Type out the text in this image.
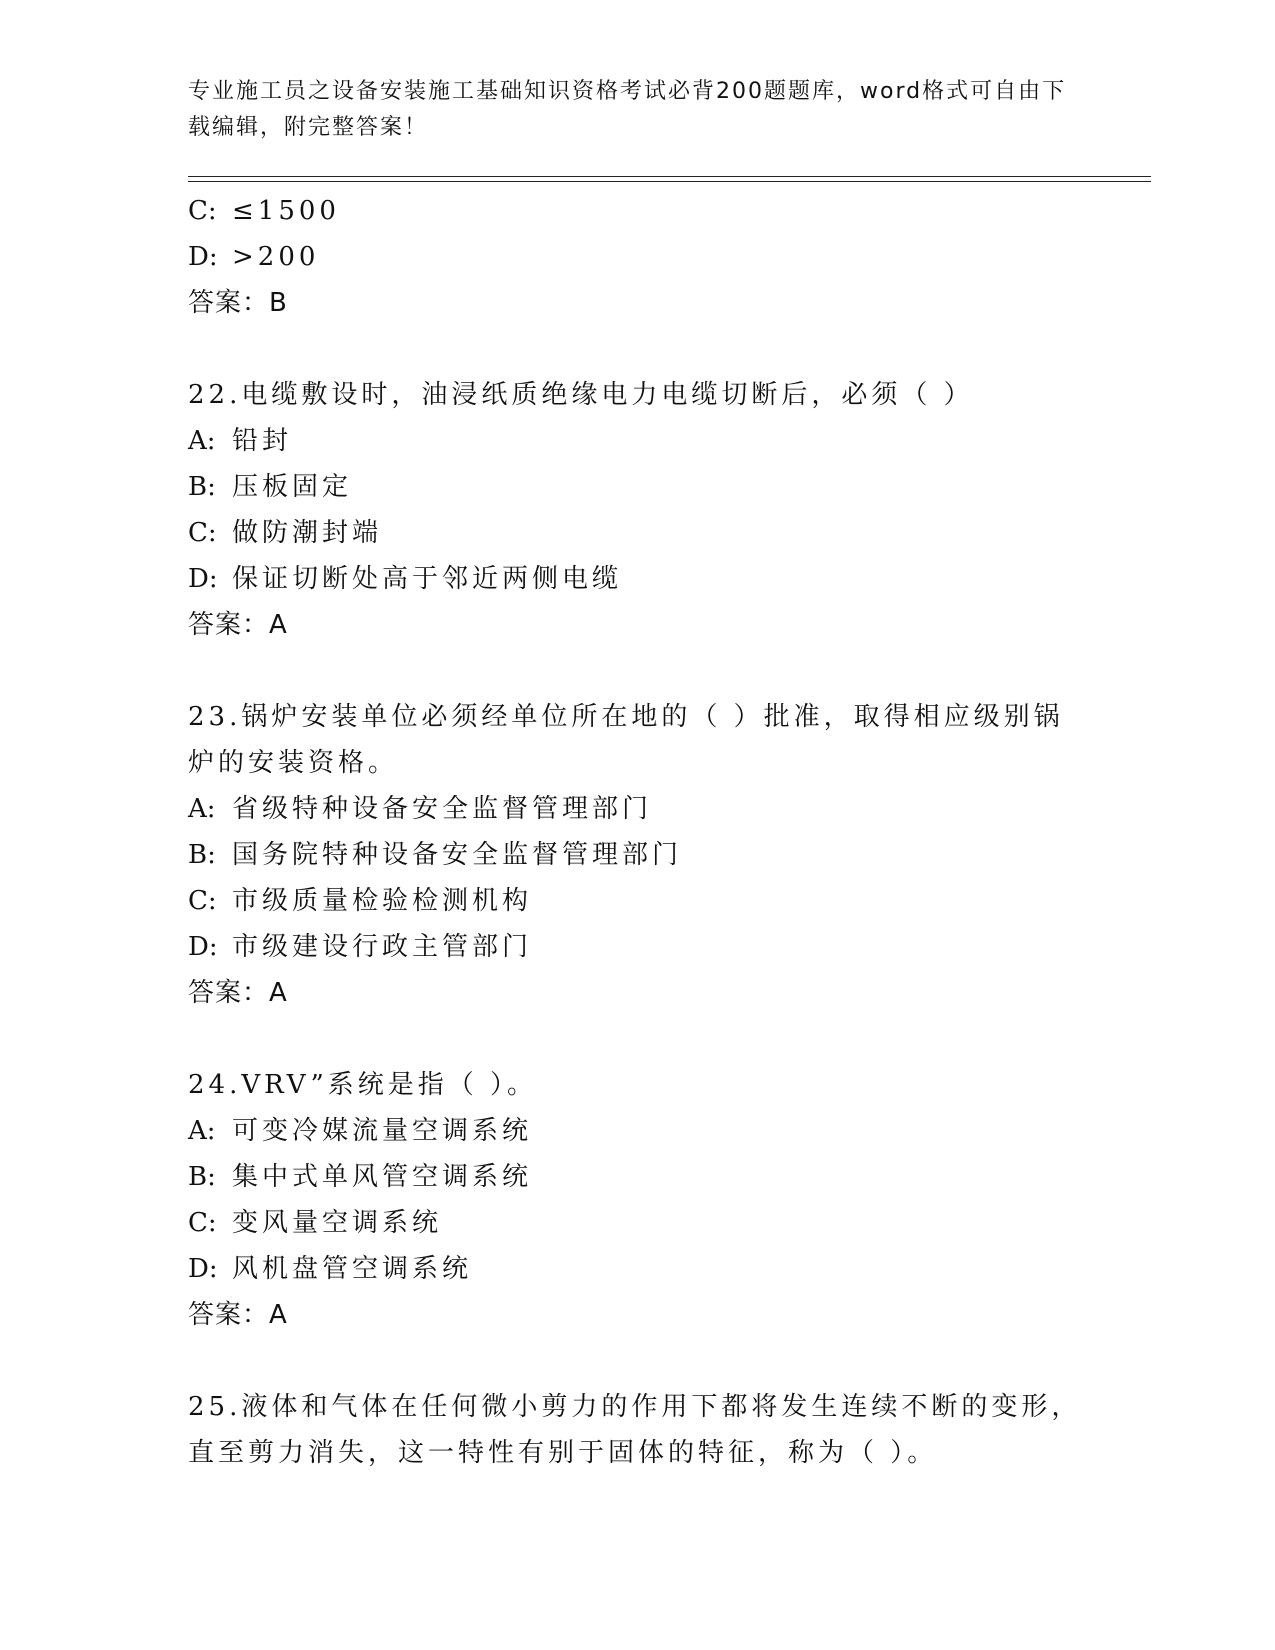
专业施工员之设备安装施工基础知识资格考试必背200题题库，word格式可自由下载编辑，附完整答案！
C: ≤1500
D: >200
答案：B
22.电缆敷设时，油浸纸质绝缘电力电缆切断后，必须（ ）
A: 铅封
B: 压板固定
C: 做防潮封端
D: 保证切断处高于邻近两侧电缆
答案：A
23.锅炉安装单位必须经单位所在地的（ ）批准，取得相应级别锅炉的安装资格。
A: 省级特种设备安全监督管理部门
B: 国务院特种设备安全监督管理部门
C: 市级质量检验检测机构
D: 市级建设行政主管部门
答案：A
24.VRV”系统是指（ ）。
A: 可变冷媒流量空调系统
B: 集中式单风管空调系统
C: 变风量空调系统
D: 风机盘管空调系统
答案：A
25.液体和气体在任何微小剪力的作用下都将发生连续不断的变形，直至剪力消失，这一特性有别于固体的特征，称为（ ）。
